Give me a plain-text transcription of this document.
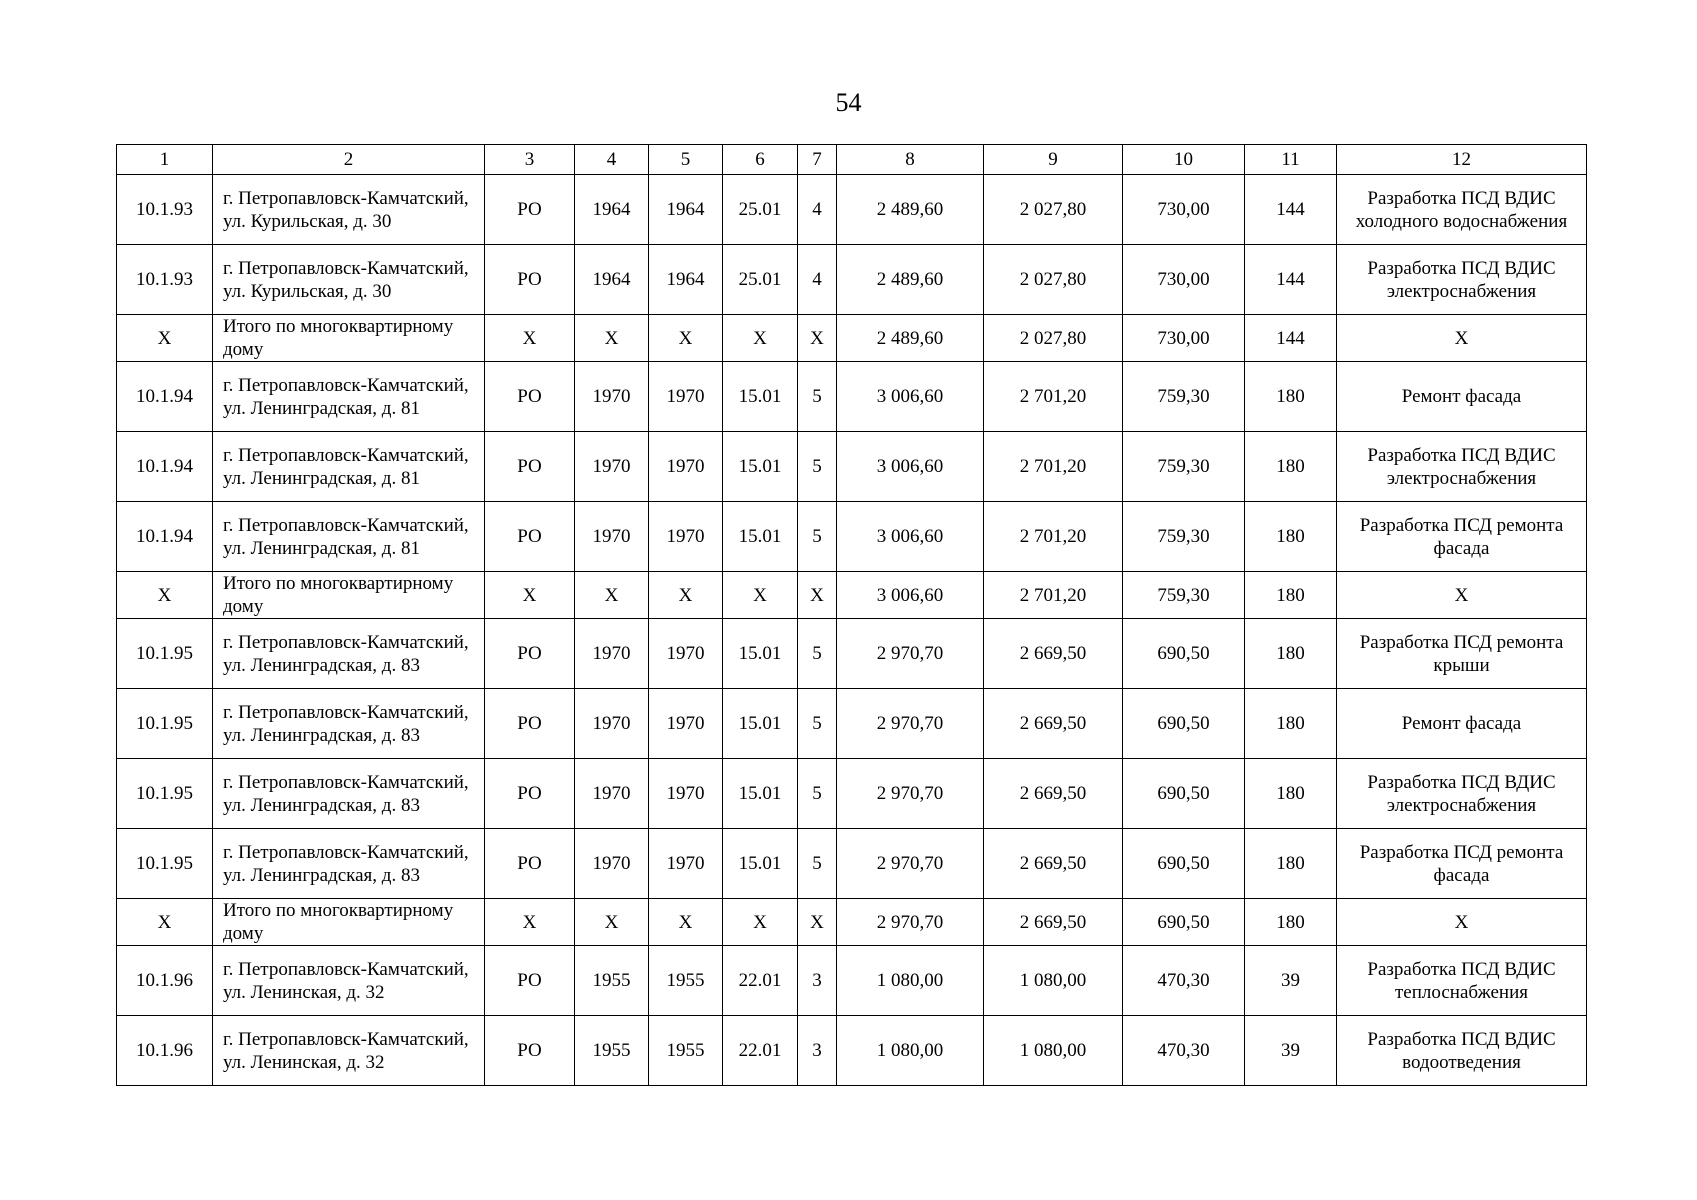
54
1	2	3	4	5	6	7	8	9	10	11	12
10.1.93	г. Петропавловск-Камчатский, ул. Курильская, д. 30	РО	1964	1964	25.01	4	2 489,60	2 027,80	730,00	144	Разработка ПСД ВДИС холодного водоснабжения
10.1.93	г. Петропавловск-Камчатский, ул. Курильская, д. 30	РО	1964	1964	25.01	4	2 489,60	2 027,80	730,00	144	Разработка ПСД ВДИС электроснабжения
Х	Итого по многоквартирному дому	Х	Х	Х	Х	Х	2 489,60	2 027,80	730,00	144	Х
10.1.94	г. Петропавловск-Камчатский, ул. Ленинградская, д. 81	РО	1970	1970	15.01	5	3 006,60	2 701,20	759,30	180	Ремонт фасада
10.1.94	г. Петропавловск-Камчатский, ул. Ленинградская, д. 81	РО	1970	1970	15.01	5	3 006,60	2 701,20	759,30	180	Разработка ПСД ВДИС электроснабжения
10.1.94	г. Петропавловск-Камчатский, ул. Ленинградская, д. 81	РО	1970	1970	15.01	5	3 006,60	2 701,20	759,30	180	Разработка ПСД ремонта фасада
Х	Итого по многоквартирному дому	Х	Х	Х	Х	Х	3 006,60	2 701,20	759,30	180	Х
10.1.95	г. Петропавловск-Камчатский, ул. Ленинградская, д. 83	РО	1970	1970	15.01	5	2 970,70	2 669,50	690,50	180	Разработка ПСД ремонта крыши
10.1.95	г. Петропавловск-Камчатский, ул. Ленинградская, д. 83	РО	1970	1970	15.01	5	2 970,70	2 669,50	690,50	180	Ремонт фасада
10.1.95	г. Петропавловск-Камчатский, ул. Ленинградская, д. 83	РО	1970	1970	15.01	5	2 970,70	2 669,50	690,50	180	Разработка ПСД ВДИС электроснабжения
10.1.95	г. Петропавловск-Камчатский, ул. Ленинградская, д. 83	РО	1970	1970	15.01	5	2 970,70	2 669,50	690,50	180	Разработка ПСД ремонта фасада
Х	Итого по многоквартирному дому	Х	Х	Х	Х	Х	2 970,70	2 669,50	690,50	180	Х
10.1.96	г. Петропавловск-Камчатский, ул. Ленинская, д. 32	РО	1955	1955	22.01	3	1 080,00	1 080,00	470,30	39	Разработка ПСД ВДИС теплоснабжения
10.1.96	г. Петропавловск-Камчатский, ул. Ленинская, д. 32	РО	1955	1955	22.01	3	1 080,00	1 080,00	470,30	39	Разработка ПСД ВДИС водоотведения
